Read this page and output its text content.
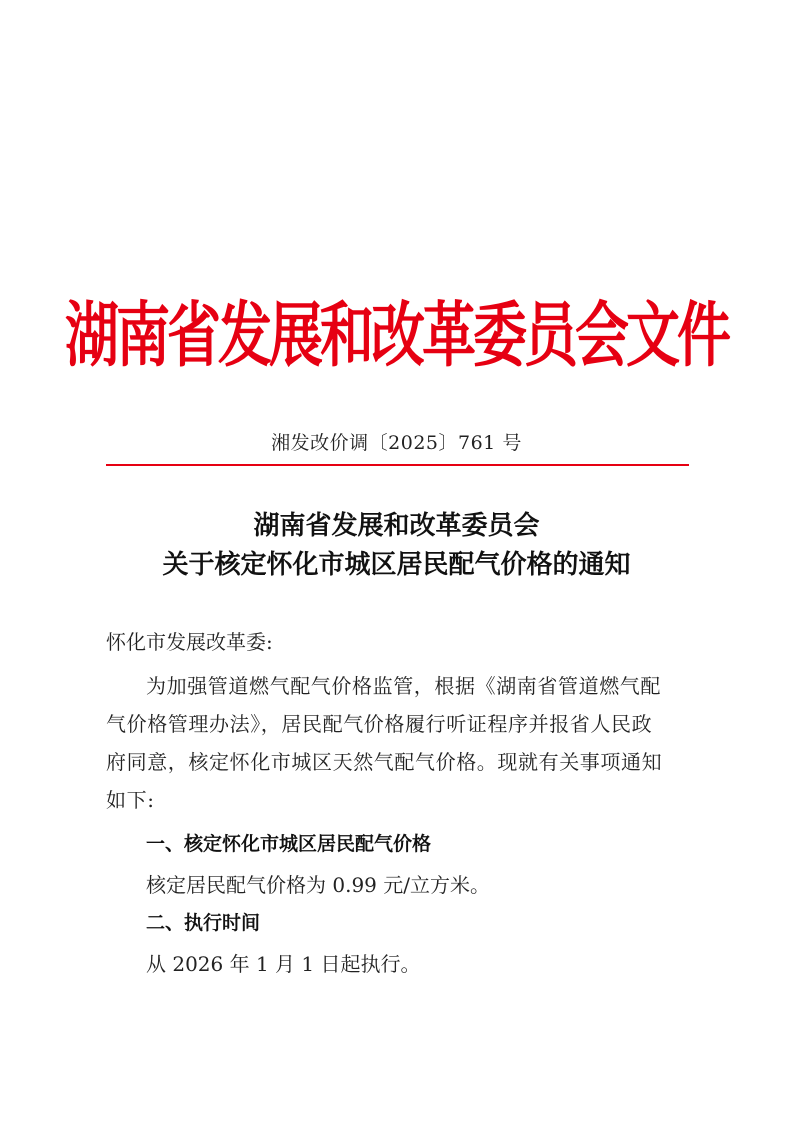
湖南省发展和改革委员会文件
湘发改价调〔2025〕761 号
湖南省发展和改革委员会
关于核定怀化市城区居民配气价格的通知
怀化市发展改革委:
为加强管道燃气配气价格监管，根据《湖南省管道燃气配
气价格管理办法》，居民配气价格履行听证程序并报省人民政
府同意，核定怀化市城区天然气配气价格。现就有关事项通知
如下:
一、核定怀化市城区居民配气价格
核定居民配气价格为 0.99 元/立方米。
二、执行时间
从 2026 年 1 月 1 日起执行。
